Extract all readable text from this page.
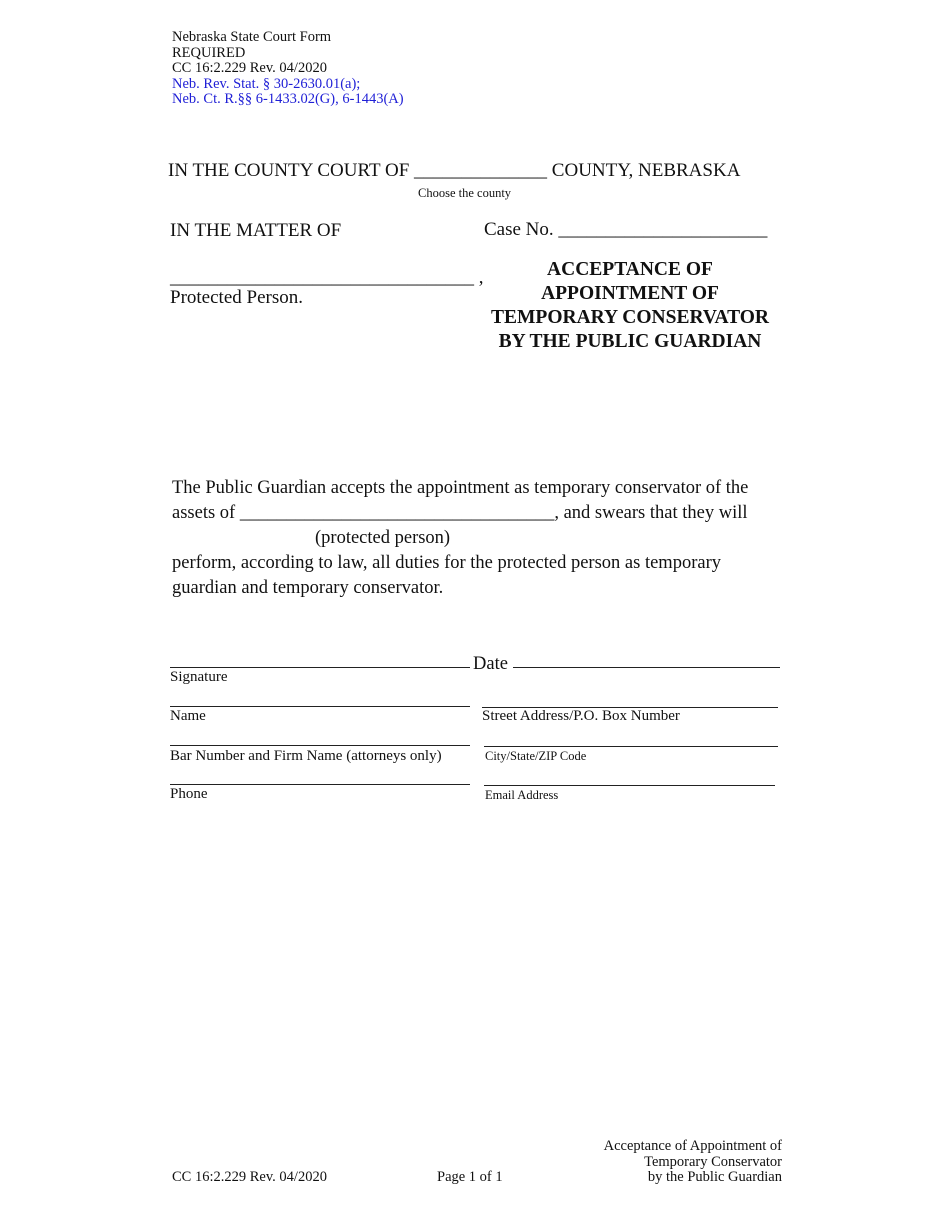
Nebraska State Court Form
REQUIRED
CC 16:2.229 Rev. 04/2020
Neb. Rev. Stat. § 30-2630.01(a);
Neb. Ct. R.§§ 6-1433.02(G), 6-1443(A)
IN THE COUNTY COURT OF ______________ COUNTY, NEBRASKA
Choose the county
IN THE MATTER OF	Case No. ______________________
________________________________ ,
Protected Person.
ACCEPTANCE OF
APPOINTMENT OF
TEMPORARY CONSERVATOR
BY THE PUBLIC GUARDIAN
The Public Guardian accepts the appointment as temporary conservator of the
assets of __________________________________, and swears that they will
(protected person)
perform, according to law, all duties for the protected person as temporary
guardian and temporary conservator.
Date
Signature
Name	Street Address/P.O. Box Number
Bar Number and Firm Name (attorneys only)	City/State/ZIP Code
Phone	Email Address
CC 16:2.229 Rev. 04/2020	Page 1 of 1
Acceptance of Appointment of
Temporary Conservator
by the Public Guardian
